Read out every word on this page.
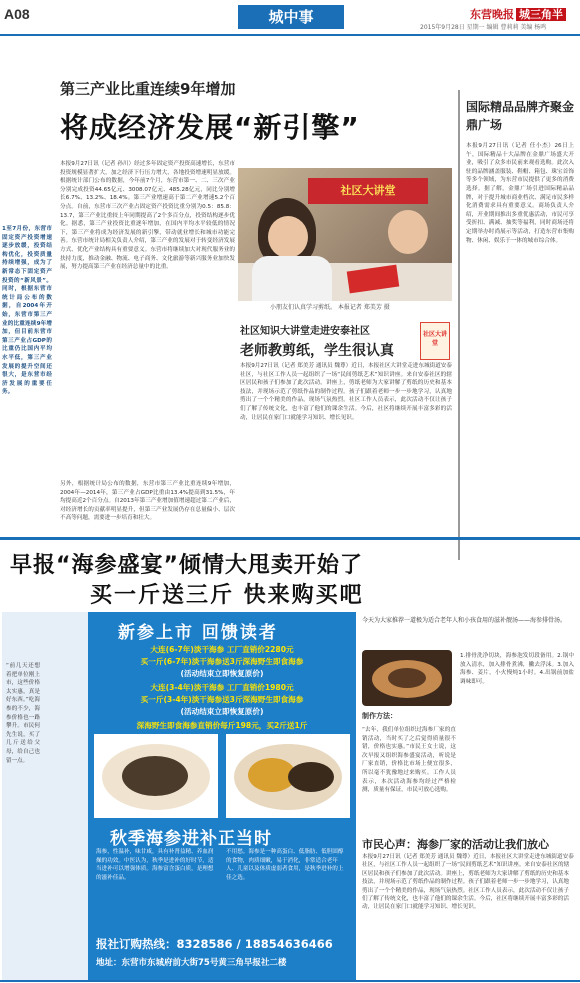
A08	城中事	东营晚报 城三角半
2015年9月28日 星期一 编辑 曹莉莉 美编 杨鸣
第三产业比重连续9年增加
将成经济发展“新引擎”
1至7月份，东营市固定资产投资增速逐步放缓，投资结构优化，投资质量持续增强，成为了新常态下固定资产投资的“新风景”。同时，根据东营市统计局公布的数据，自2004年开始，东营市第三产业的比重连续9年增加，但目前东营市第三产业占GDP的比重仍比国内平均水平低，第三产业发展的提升空间还很大，是东营市经济发展的重要任务。
本报9月27日讯（记者 孙川）经过多年固定资产投资高速增长，东营市投资规模显著扩大，加之经济下行压力增大，各地投资增速明显放缓。根据统计部门公布的数据，今年前7个月，东营市第一、二、三次产业分别完成投资44.65亿元、3008.07亿元、485.28亿元，同比分别增长6.7%、13.2%、18.4%。第三产业增速高于第二产业增速5.2个百分点。自前，东营市三次产业占固定资产投资比重分别为0.5：85.8：13.7，第三产业比重较上年同期提高了2个多百分点，投资结构逐步优化。据悉，第三产业投资比重逐年增加，在国内平均水平较低的情况下，第三产业将成为经济发展的新引擎，带动就业增长和城市功能完善。东营市统计局相关负责人介绍，第三产业的发展对于转变经济发展方式、优化产业结构具有重要意义。东营市将继续加大对现代服务业的扶持力度，推动金融、物流、电子商务、文化旅游等新兴服务业加快发展，努力提高第三产业在经济总量中的比重。
另外，根据统计局公布的数据，东营市第三产业比重连续9年增加，2004年—2014年，第三产业占GDP比重由13.4%提高到31.5%，年均提高近2个百分点。自2013年第三产业增加值增速超过第二产业后，对经济增长的贡献率明显提升，但第三产业发展仍存在总量偏小、层次不高等问题，需要进一步培育和壮大。
社区大讲堂
小朋友们认真学习剪纸。 本报记者 郑美芳 摄
社区知识大讲堂走进安泰社区
老师教剪纸，学生很认真
社区大讲堂
本报9月27日讯（记者 郑美芳 通讯员 魏尊）近日，本报社区大讲堂走进东城街道安泰社区，与社区工作人员一起组织了一场“民间剪纸艺术”知识讲座。来自安泰社区的辖区居民和孩子们参加了此次活动。讲座上，剪纸老师为大家讲解了剪纸的历史和基本技法，并现场示范了剪纸作品的制作过程。孩子们跟着老师一步一步地学习，认真地剪出了一个个精美的作品，现场气氛热烈。社区工作人员表示，此次活动不仅让孩子们了解了传统文化，也丰富了他们的课余生活。今后，社区将继续开展丰富多彩的活动，让居民在家门口就能学习知识、增长见识。
国际精品品牌齐聚金鼎广场
本报9月27日讯（记者 任小杰）26日上午，国际精品十大品牌在金鼎广场盛大开业，吸引了众多市民前来观看选购。此次入驻的品牌涵盖服装、鞋帽、箱包、珠宝首饰等多个领域，为东营市民提供了更多的消费选择。据了解，金鼎广场引进国际精品品牌，对于提升城市商业档次、满足市民多样化消费需求具有重要意义。商场负责人介绍，开业期间推出多重优惠活动，市民可享受折扣、满减、抽奖等福利，同时商场还将定期举办时尚展示等活动，打造东营市集购物、休闲、娱乐于一体的城市综合体。
早报“海参盛宴”倾情大甩卖开始了
买一斤送三斤 快来购买吧
“前几天还想着把单位刚上市，这些价格太实惠，真是好东西。”吃海参的不少，海参价格也一路攀升。市民何先生说，买了几斤送给父母，给自己也留一点。
新参上市 回馈读者
大连(6-7年)淡干海参 工厂直销价2280元
买一斤(6-7年)淡干海参送3斤深海野生即食海参
(活动结束立即恢复原价)
大连(3-4年)淡干海参 工厂直销价1980元
买一斤(3-4年)淡干海参送3斤深海野生即食海参
(活动结束立即恢复原价)
深海野生即食海参直销价每斤198元，买2斤送1斤
秋季海参进补正当时
海参，性温补，味甘咸，具有补肾益精、养血润燥的功效。中医认为，秋季是进补的好时节，适当进补可以增强体质。海参富含蛋白质，是理想的滋补佳品。
不用愁。海参是一种高蛋白、低脂肪、低胆固醇的食物，肉质细嫩，易于消化，非常适合老年人、儿童以及体质虚弱者食用，是秋季进补的上佳之选。
报社订购热线：8328586 / 18854636466
地址：东营市东城府前大街75号黄三角早报社二楼
今天为大家推荐一道极为适合老年人和小孩食用的滋补靓汤——海参排骨汤。
1.排骨洗净切块，海参泡发切段备用。2.锅中放入清水，加入排骨煮沸，撇去浮沫。3.加入海参、姜片，小火慢炖1小时。4.出锅前加盐调味即可。
制作方法：
“去年，我们单位组织过海参厂家的直销活动，当时买了之后觉得质量很不错，价格也实惠。”市民王女士说，这次早报又组织海参盛宴活动，听说是厂家直销，价格比市场上便宜很多，所以毫不犹豫地过来购买。工作人员表示，本次活动海参均经过严格检测，质量有保证，市民可放心选购。
市民心声：海参厂家的活动让我们放心
本报9月27日讯（记者 郑美芳 通讯员 魏尊）近日，本报社区大讲堂走进东城街道安泰社区，与社区工作人员一起组织了一场“民间剪纸艺术”知识讲座。来自安泰社区的辖区居民和孩子们参加了此次活动。讲座上，剪纸老师为大家讲解了剪纸的历史和基本技法，并现场示范了剪纸作品的制作过程。孩子们跟着老师一步一步地学习，认真地剪出了一个个精美的作品，现场气氛热烈。社区工作人员表示，此次活动不仅让孩子们了解了传统文化，也丰富了他们的课余生活。今后，社区将继续开展丰富多彩的活动，让居民在家门口就能学习知识、增长见识。
